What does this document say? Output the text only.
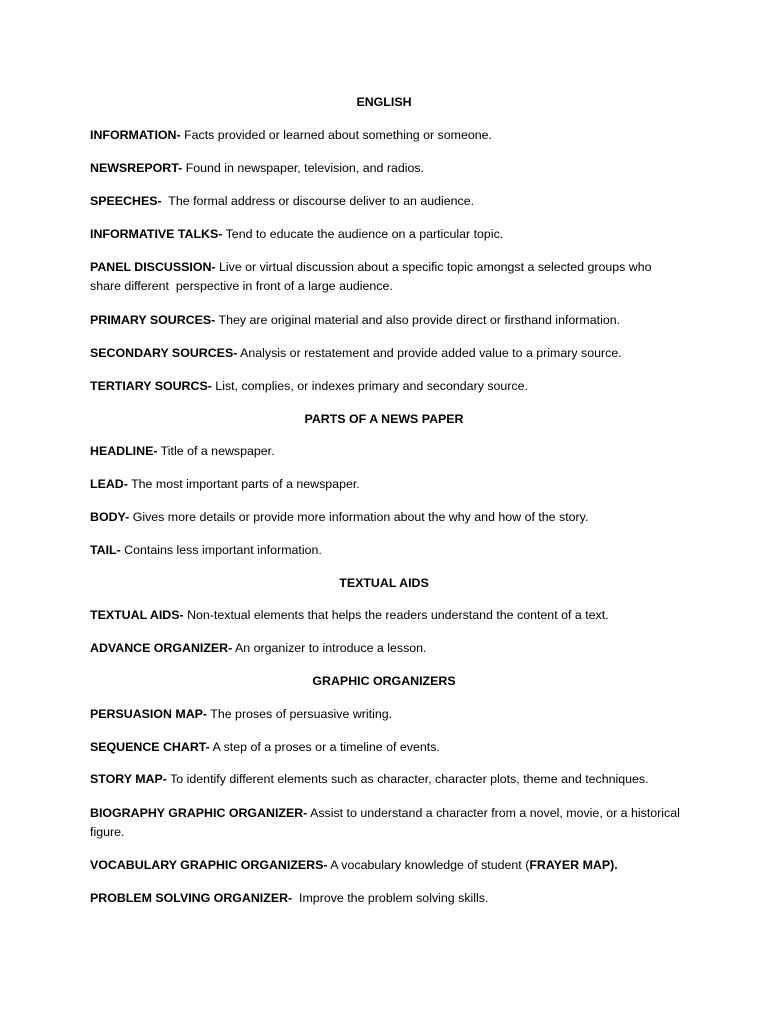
ENGLISH
INFORMATION- Facts provided or learned about something or someone.
NEWSREPORT- Found in newspaper, television, and radios.
SPEECHES-  The formal address or discourse deliver to an audience.
INFORMATIVE TALKS- Tend to educate the audience on a particular topic.
PANEL DISCUSSION- Live or virtual discussion about a specific topic amongst a selected groups who share different  perspective in front of a large audience.
PRIMARY SOURCES- They are original material and also provide direct or firsthand information.
SECONDARY SOURCES- Analysis or restatement and provide added value to a primary source.
TERTIARY SOURCS- List, complies, or indexes primary and secondary source.
PARTS OF A NEWS PAPER
HEADLINE- Title of a newspaper.
LEAD- The most important parts of a newspaper.
BODY- Gives more details or provide more information about the why and how of the story.
TAIL- Contains less important information.
TEXTUAL AIDS
TEXTUAL AIDS- Non-textual elements that helps the readers understand the content of a text.
ADVANCE ORGANIZER- An organizer to introduce a lesson.
GRAPHIC ORGANIZERS
PERSUASION MAP- The proses of persuasive writing.
SEQUENCE CHART- A step of a proses or a timeline of events.
STORY MAP- To identify different elements such as character, character plots, theme and techniques.
BIOGRAPHY GRAPHIC ORGANIZER- Assist to understand a character from a novel, movie, or a historical figure.
VOCABULARY GRAPHIC ORGANIZERS- A vocabulary knowledge of student (FRAYER MAP).
PROBLEM SOLVING ORGANIZER-  Improve the problem solving skills.
